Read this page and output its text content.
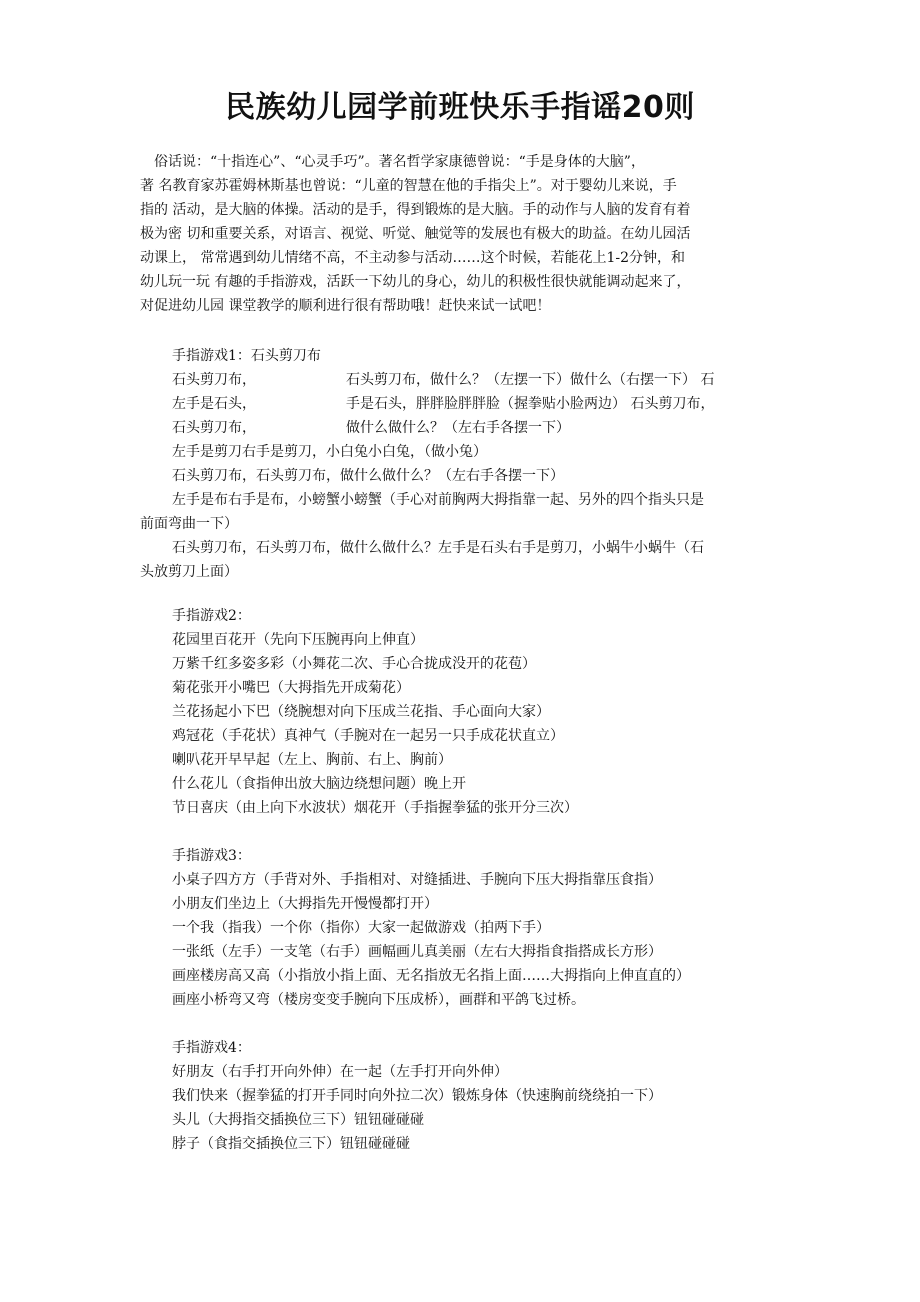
民族幼儿园学前班快乐手指谣20则
　俗话说：“十指连心”、“心灵手巧”。著名哲学家康德曾说：“手是身体的大脑”，
著 名教育家苏霍姆林斯基也曾说：“儿童的智慧在他的手指尖上”。对于婴幼儿来说，手
指的 活动，是大脑的体操。活动的是手，得到锻炼的是大脑。手的动作与人脑的发育有着
极为密 切和重要关系，对语言、视觉、听觉、触觉等的发展也有极大的助益。在幼儿园活
动课上， 常常遇到幼儿情绪不高，不主动参与活动……这个时候，若能花上1-2分钟，和
幼儿玩一玩 有趣的手指游戏，活跃一下幼儿的身心，幼儿的积极性很快就能调动起来了，
对促进幼儿园 课堂教学的顺利进行很有帮助哦！赶快来试一试吧！
手指游戏1：石头剪刀布
石头剪刀布，	石头剪刀布，做什么？（左摆一下）做什么（右摆一下） 石
左手是石头，	手是石头，胖胖脸胖胖脸（握拳贴小脸两边） 石头剪刀布，
石头剪刀布，	做什么做什么？（左右手各摆一下）
左手是剪刀右手是剪刀，小白兔小白兔，（做小兔）
石头剪刀布，石头剪刀布，做什么做什么？（左右手各摆一下）
左手是布右手是布，小螃蟹小螃蟹（手心对前胸两大拇指靠一起、另外的四个指头只是
前面弯曲一下）
石头剪刀布，石头剪刀布，做什么做什么？左手是石头右手是剪刀，小蜗牛小蜗牛（石
头放剪刀上面）
手指游戏2：
花园里百花开（先向下压腕再向上伸直）
万紫千红多姿多彩（小舞花二次、手心合拢成没开的花苞）
菊花张开小嘴巴（大拇指先开成菊花）
兰花扬起小下巴（绕腕想对向下压成兰花指、手心面向大家）
鸡冠花（手花状）真神气（手腕对在一起另一只手成花状直立）
喇叭花开早早起（左上、胸前、右上、胸前）
什么花儿（食指伸出放大脑边绕想问题）晚上开
节日喜庆（由上向下水波状）烟花开（手指握拳猛的张开分三次）
手指游戏3：
小桌子四方方（手背对外、手指相对、对缝插进、手腕向下压大拇指靠压食指）
小朋友们坐边上（大拇指先开慢慢都打开）
一个我（指我）一个你（指你）大家一起做游戏（拍两下手）
一张纸（左手）一支笔（右手）画幅画儿真美丽（左右大拇指食指搭成长方形）
画座楼房高又高（小指放小指上面、无名指放无名指上面……大拇指向上伸直直的）
画座小桥弯又弯（楼房变变手腕向下压成桥），画群和平鸽飞过桥。
手指游戏4：
好朋友（右手打开向外伸）在一起（左手打开向外伸）
我们快来（握拳猛的打开手同时向外拉二次）锻炼身体（快速胸前绕绕拍一下）
头儿（大拇指交插换位三下）钮钮碰碰碰
脖子（食指交插换位三下）钮钮碰碰碰
